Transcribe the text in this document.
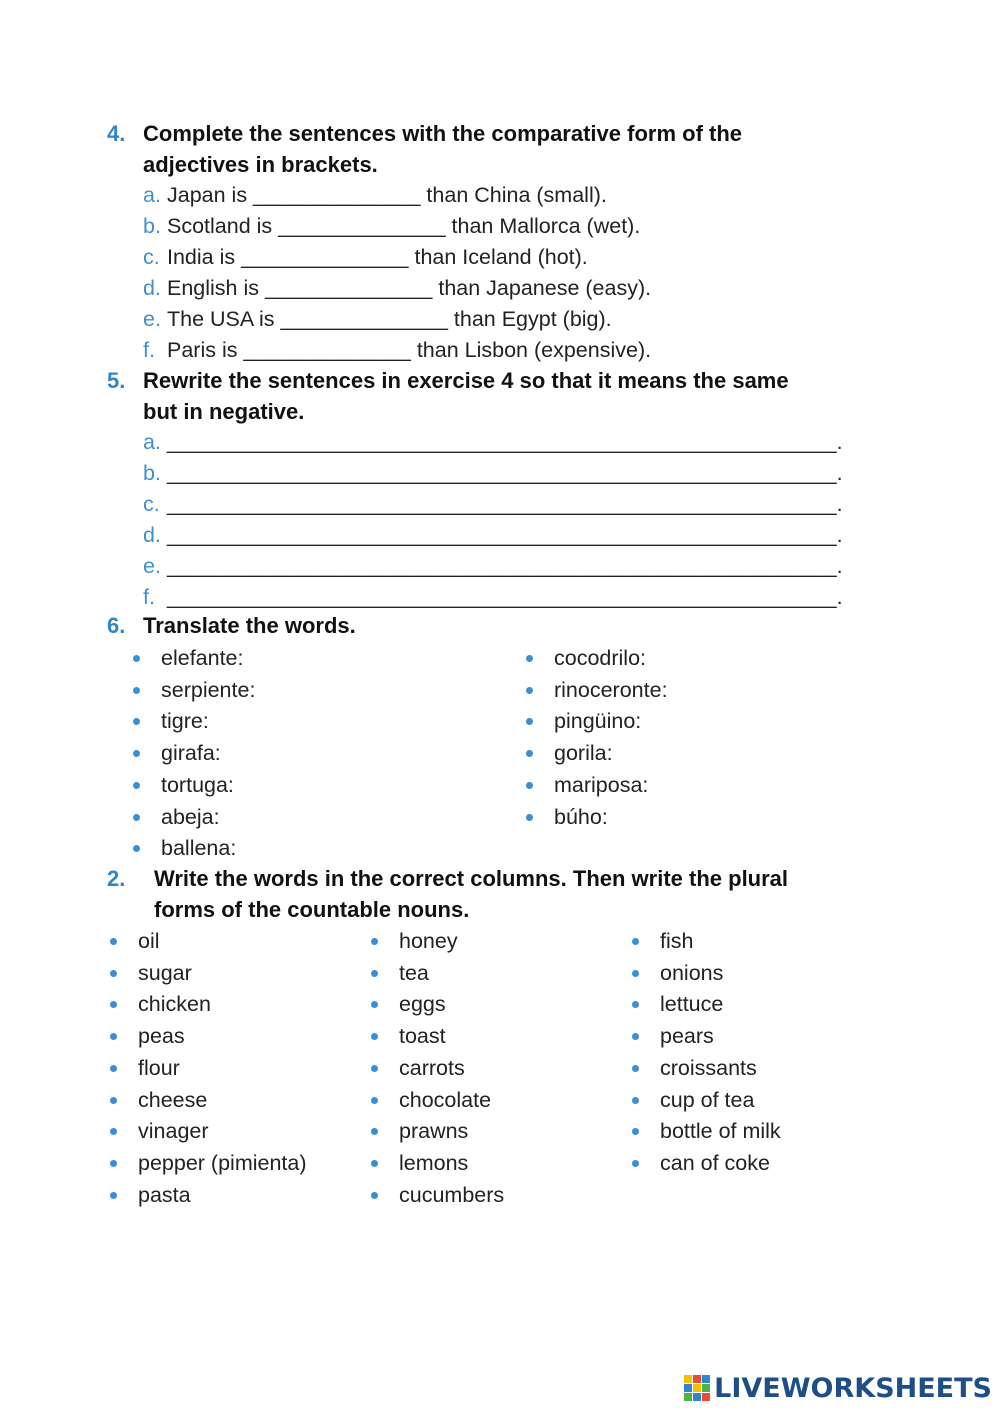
4. Complete the sentences with the comparative form of the
adjectives in brackets.
a. Japan is ______________ than China (small).
b. Scotland is ______________ than Mallorca (wet).
c. India is ______________ than Iceland (hot).
d. English is ______________ than Japanese (easy).
e. The USA is ______________ than Egypt (big).
f. Paris is ______________ than Lisbon (expensive).
5. Rewrite the sentences in exercise 4 so that it means the same
but in negative.
a. ________________________________________________________.
b. ________________________________________________________.
c. ________________________________________________________.
d. ________________________________________________________.
e. ________________________________________________________.
f. ________________________________________________________.
6. Translate the words.
elefante:
serpiente:
tigre:
girafa:
tortuga:
abeja:
ballena:
cocodrilo:
rinoceronte:
pingüino:
gorila:
mariposa:
búho:
2. Write the words in the correct columns. Then write the plural
forms of the countable nouns.
oil
sugar
chicken
peas
flour
cheese
vinager
pepper (pimienta)
pasta
honey
tea
eggs
toast
carrots
chocolate
prawns
lemons
cucumbers
fish
onions
lettuce
pears
croissants
cup of tea
bottle of milk
can of coke
LIVEWORKSHEETS
